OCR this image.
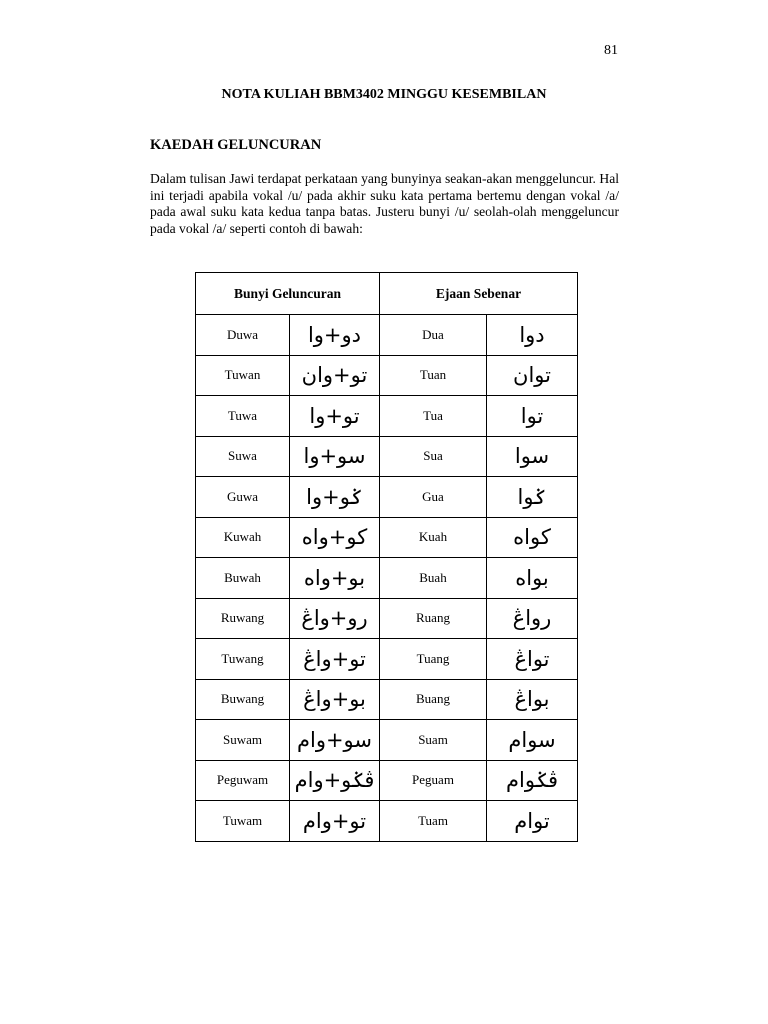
81
NOTA KULIAH BBM3402 MINGGU KESEMBILAN
KAEDAH GELUNCURAN

Dalam tulisan Jawi terdapat perkataan yang bunyinya seakan-akan menggeluncur. Hal ini terjadi apabila vokal /u/ pada akhir suku kata pertama bertemu dengan vokal /a/ pada awal suku kata kedua tanpa batas. Justeru bunyi /u/ seolah-olah menggeluncur pada vokal /a/ seperti contoh di bawah:

Bunyi Geluncuran		Ejaan Sebenar	
Duwa	دو+وا	Dua	دوا
Tuwan	تو+وان	Tuan	توان
Tuwa	تو+وا	Tua	توا
Suwa	سو+وا	Sua	سوا
Guwa	ݢو+وا	Gua	ݢوا
Kuwah	كو+واه	Kuah	كواه
Buwah	بو+واه	Buah	بواه
Ruwang	رو+واڠ	Ruang	رواڠ
Tuwang	تو+واڠ	Tuang	تواڠ
Buwang	بو+واڠ	Buang	بواڠ
Suwam	سو+وام	Suam	سوام
Peguwam	ڤݢو+وام	Peguam	ڤݢوام
Tuwam	تو+وام	Tuam	توام
